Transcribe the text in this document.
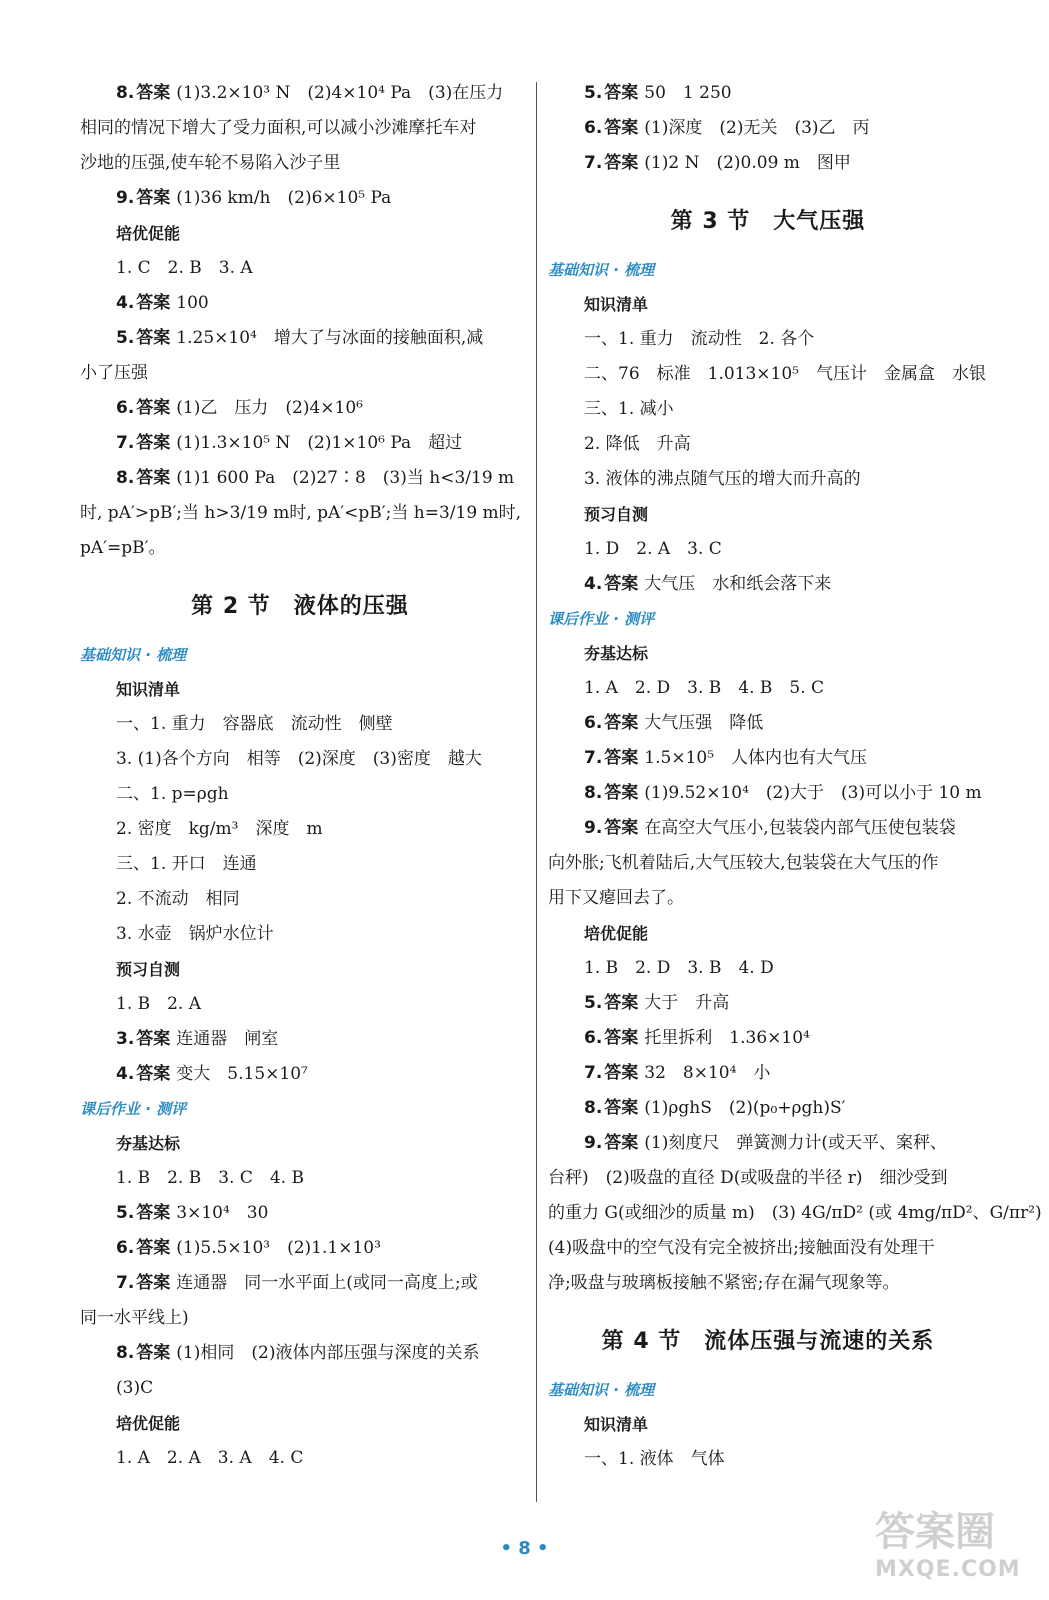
8. 答案 (1)3.2×10³ N　(2)4×10⁴ Pa　(3)在压力
相同的情况下增大了受力面积,可以减小沙滩摩托车对
沙地的压强,使车轮不易陷入沙子里
9. 答案 (1)36 km/h　(2)6×10⁵ Pa
培优促能
1. C　2. B　3. A
4. 答案 100
5. 答案 1.25×10⁴　增大了与冰面的接触面积,减
小了压强
6. 答案 (1)乙　压力　(2)4×10⁶
7. 答案 (1)1.3×10⁵ N　(2)1×10⁶ Pa　超过
8. 答案 (1)1 600 Pa　(2)27∶8　(3)当 h<3/19 m
时, pA′>pB′;当 h>3/19 m时, pA′<pB′;当 h=3/19 m时,
pA′=pB′。
第 2 节　液体的压强
基础知识 · 梳理
知识清单
一、1. 重力　容器底　流动性　侧壁
3. (1)各个方向　相等　(2)深度　(3)密度　越大
二、1. p=ρgh
2. 密度　kg/m³　深度　m
三、1. 开口　连通
2. 不流动　相同
3. 水壶　锅炉水位计
预习自测
1. B　2. A
3. 答案 连通器　闸室
4. 答案 变大　5.15×10⁷
课后作业 · 测评
夯基达标
1. B　2. B　3. C　4. B
5. 答案 3×10⁴　30
6. 答案 (1)5.5×10³　(2)1.1×10³
7. 答案 连通器　同一水平面上(或同一高度上;或
同一水平线上)
8. 答案 (1)相同　(2)液体内部压强与深度的关系
(3)C
培优促能
1. A　2. A　3. A　4. C
5. 答案 50　1 250
6. 答案 (1)深度　(2)无关　(3)乙　丙
7. 答案 (1)2 N　(2)0.09 m　图甲
第 3 节　大气压强
基础知识 · 梳理
知识清单
一、1. 重力　流动性　2. 各个
二、76　标准　1.013×10⁵　气压计　金属盒　水银
三、1. 减小
2. 降低　升高
3. 液体的沸点随气压的增大而升高的
预习自测
1. D　2. A　3. C
4. 答案 大气压　水和纸会落下来
课后作业 · 测评
夯基达标
1. A　2. D　3. B　4. B　5. C
6. 答案 大气压强　降低
7. 答案 1.5×10⁵　人体内也有大气压
8. 答案 (1)9.52×10⁴　(2)大于　(3)可以小于 10 m
9. 答案 在高空大气压小,包装袋内部气压使包装袋
向外胀;飞机着陆后,大气压较大,包装袋在大气压的作
用下又瘪回去了。
培优促能
1. B　2. D　3. B　4. D
5. 答案 大于　升高
6. 答案 托里拆利　1.36×10⁴
7. 答案 32　8×10⁴　小
8. 答案 (1)ρghS　(2)(p₀+ρgh)S′
9. 答案 (1)刻度尺　弹簧测力计(或天平、案秤、
台秤)　(2)吸盘的直径 D(或吸盘的半径 r)　细沙受到
的重力 G(或细沙的质量 m)　(3) 4G/πD² (或 4mg/πD²、G/πr²)
(4)吸盘中的空气没有完全被挤出;接触面没有处理干
净;吸盘与玻璃板接触不紧密;存在漏气现象等。
第 4 节　流体压强与流速的关系
基础知识 · 梳理
知识清单
一、1. 液体　气体
• 8 •	答案圈
MXQE.COM
